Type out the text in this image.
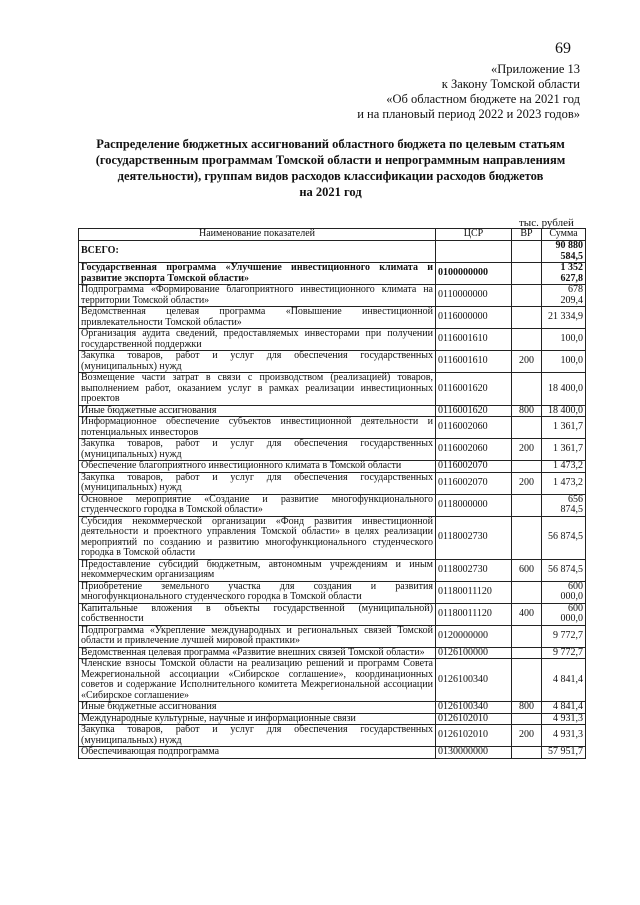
69
«Приложение 13
к Закону Томской области
«Об областном бюджете на 2021 год
и на плановый период 2022 и 2023 годов»
Распределение бюджетных ассигнований областного бюджета по целевым статьям
(государственным программам Томской области и непрограммным направлениям
деятельности), группам видов расходов классификации расходов бюджетов
на 2021 год
тыс. рублей
Наименование показателей	ЦСР	ВР	Сумма
ВСЕГО:			90 880 584,5
Государственная программа «Улучшение инвестиционного климата и развитие экспорта Томской области»	0100000000		1 352 627,8
Подпрограмма «Формирование благоприятного инвестиционного климата на территории Томской области»	0110000000		678 209,4
Ведомственная целевая программа «Повышение инвестиционной привлекательности Томской области»	0116000000		21 334,9
Организация аудита сведений, предоставляемых инвесторами при получении государственной поддержки	0116001610		100,0
Закупка товаров, работ и услуг для обеспечения государственных (муниципальных) нужд	0116001610	200	100,0
Возмещение части затрат в связи с производством (реализацией) товаров, выполнением работ, оказанием услуг в рамках реализации инвестиционных проектов	0116001620		18 400,0
Иные бюджетные ассигнования	0116001620	800	18 400,0
Информационное обеспечение субъектов инвестиционной деятельности и потенциальных инвесторов	0116002060		1 361,7
Закупка товаров, работ и услуг для обеспечения государственных (муниципальных) нужд	0116002060	200	1 361,7
Обеспечение благоприятного инвестиционного климата в Томской области	0116002070		1 473,2
Закупка товаров, работ и услуг для обеспечения государственных (муниципальных) нужд	0116002070	200	1 473,2
Основное мероприятие «Создание и развитие многофункционального студенческого городка в Томской области»	0118000000		656 874,5
Субсидия некоммерческой организации «Фонд развития инвестиционной деятельности и проектного управления Томской области» в целях реализации мероприятий по созданию и развитию многофункционального студенческого городка в Томской области	0118002730		56 874,5
Предоставление субсидий бюджетным, автономным учреждениям и иным некоммерческим организациям	0118002730	600	56 874,5
Приобретение земельного участка для создания и развития многофункционального студенческого городка в Томской области	01180011120		600 000,0
Капитальные вложения в объекты государственной (муниципальной) собственности	01180011120	400	600 000,0
Подпрограмма «Укрепление международных и региональных связей Томской области и привлечение лучшей мировой практики»	0120000000		9 772,7
Ведомственная целевая программа «Развитие внешних связей Томской области»	0126100000		9 772,7
Членские взносы Томской области на реализацию решений и программ Совета Межрегиональной ассоциации «Сибирское соглашение», координационных советов и содержание Исполнительного комитета Межрегиональной ассоциации «Сибирское соглашение»	0126100340		4 841,4
Иные бюджетные ассигнования	0126100340	800	4 841,4
Международные культурные, научные и информационные связи	0126102010		4 931,3
Закупка товаров, работ и услуг для обеспечения государственных (муниципальных) нужд	0126102010	200	4 931,3
Обеспечивающая подпрограмма	0130000000		57 951,7
